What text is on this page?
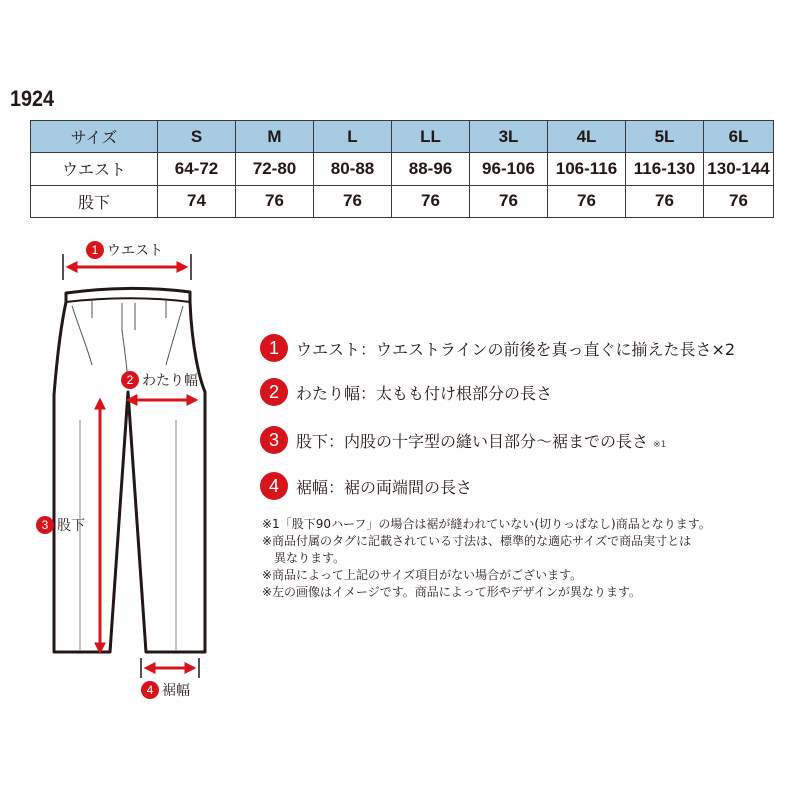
1924
サイズ	S	M	L	LL	3L	4L	5L	6L
ウエスト	64-72	72-80	80-88	88-96	96-106	106-116	116-130	130-144
股下	74	76	76	76	76	76	76	76
1 ウエスト
2 わたり幅
3 股下
4 裾幅
1	ウエスト：ウエストラインの前後を真っ直ぐに揃えた長さ×2
2	わたり幅：太もも付け根部分の長さ
3	股下：内股の十字型の縫い目部分～裾までの長さ ※1
4	裾幅：裾の両端間の長さ
※1「股下90ハーフ」の場合は裾が縫われていない(切りっぱなし)商品となります。
※商品付属のタグに記載されている寸法は、標準的な適応サイズで商品実寸とは
異なります。
※商品によって上記のサイズ項目がない場合がございます。
※左の画像はイメージです。商品によって形やデザインが異なります。
